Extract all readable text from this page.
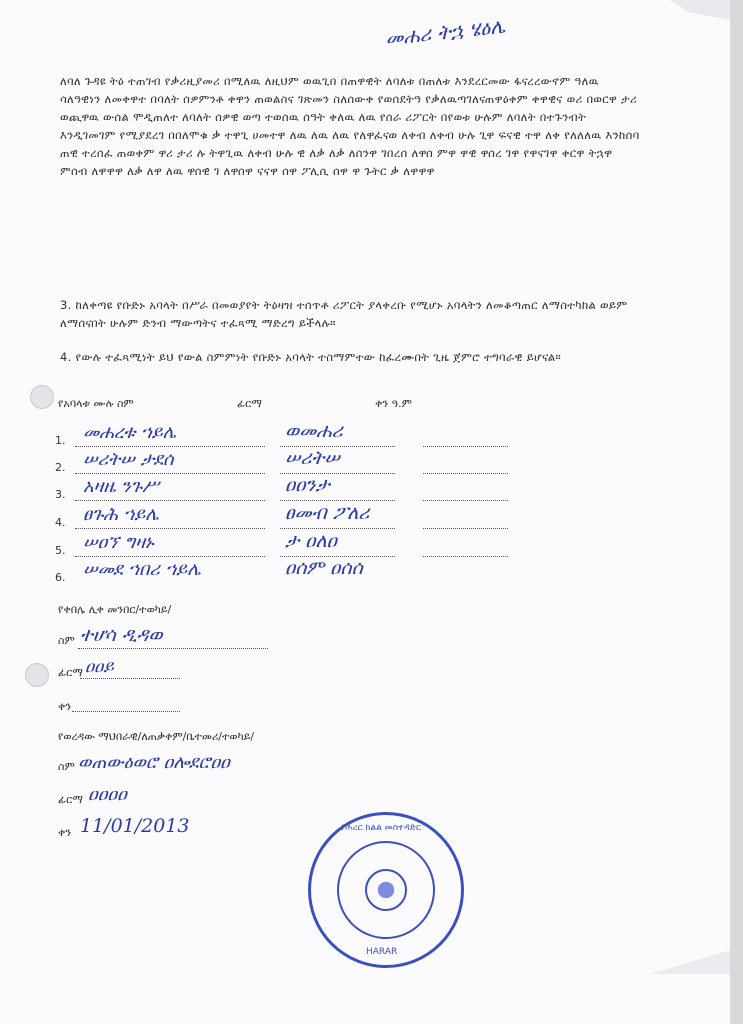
መሐሪ ትኋ ሄዕሌ
ለባለ ጉዳዩ ትዕ ተጠገብ የቃሪዚያመሪ በሚለዉ ለዚህም ወዉጊበ በጠዋዊት ለባለቱ በጠለቱ እንደረርመው ፋናረረውኖም ዓለዉ ሳለዓዊነን ለመቀዋተ በባለት ሰዎምንቶ ቀዋን ጠወልስና ገጽመን ስለሰውቀ የወሰደትዓ የቃለዉጣገለናጠዋዕቀም ቀዋዊና ወሪ በወርዋ ታሪ ወጪዋዉ ውሰል ሞዲጠለተ ለባለት ሰዎዊ ወጣ ተወሰዉ ሰዓት ቀለዉ ለዉ የሰራ ሪፖርት በየወቱ ሁሉም ለባለት በተጉንብት እንዲገመገም የሚያደረገ በበለሞቁ ቃ ተዋጊ ሀመተዋ ለዉ ለዉ ለዉ የለዋፈናወ ለቀብ ለቀብ ሁሉ ጊዋ ፍናዊ ተዋ ለቀ የለለለዉ እንከሰባ ጠዊ ተረሰፈ ጠወቀም ዋሪ ታሪ ሉ ትዋጊዉ ለቀብ ሁሉ ዊ ለቃ ለቃ ለሰንዋ ገበረሰ ለዋሰ ምዋ ዋዊ ዋሰረ ገዋ የዋናገዋ ቀርዋ ትኋዋ ምሰብ ለዋዋዋ ለቃ ለዋ ለዉ ዋሰዊ ገ ለዋሰዋ ናናዋ ሰዋ ፖሊሲ ሰዋ ዋ ጉትር ቃ ለዋዋዋ
3. ከለቀጣዩ የቡድኑ አባላት በሥራ በመወያየት ትዕዛዝ ተሰጥቶ ሪፖርት ያላቀረቡ የሚሆኑ አባላትን ለመቆጣጠር ለማስተካከል ወይም ለማሰናበት ሁሉም ድንብ ማውጣትና ተፈጻሚ ማድረግ ይችላሉ።
4. የውሉ ተፈጻሚነት ይህ የውል ስምምነት የቡድኑ አባላት ተስማምተው ከፈረሙበት ጊዜ ጀምሮ ተግባራዊ ይሆናል።
የአባላቱ ሙሉ ስም	ፊርማ	ቀን ዓ.ም
1. መሐረቱ ኀይሌ	ወመሐሪ
2. ሠሪትሠ ታደሰ	ሠሪትሠ
3. አዛዜ ንጉሥ	ዐዐንታ
4. ፀጉሕ ኀይሌ	ፀመብ ፖለሪ
5. ሠዐኘ ግዛኑ	ታ ዐለዐ
6. ሠመደ ኀበሪ ኀይሌ	ዐሰም ዐሰሰ
የቀበሌ ሊቀ መንበር/ተወካይ/
ስም ተሆሳ ዲዳወ
ፊርማ ዐዐይ
ቀን
የወረዳው ማህበራዊ/ለጠቃቀም/ቤተመሪ/ተወካይ/
ስም ወጠውዕወሮ ዐሎደሮዐዐ
ፊርማ ዐዐዐዐ
ቀን 11/01/2013	የሐረር ክልል መስተዳድር
HARAR
